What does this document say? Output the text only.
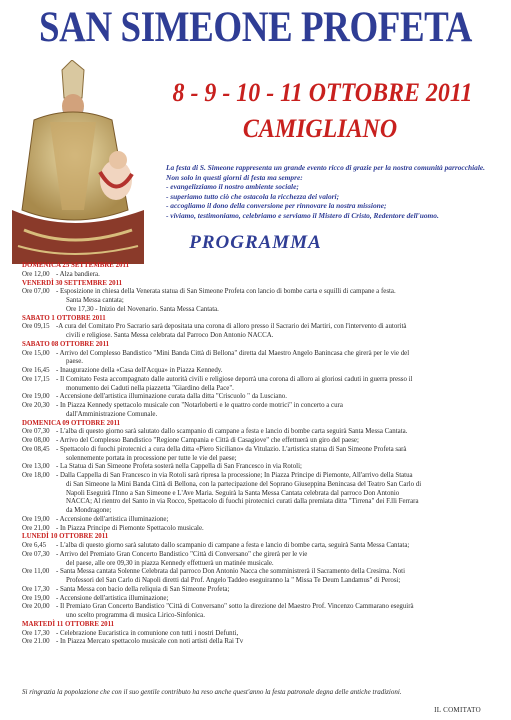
SAN SIMEONE PROFETA
8 - 9 - 10 - 11 OTTOBRE 2011
CAMIGLIANO
La festa di S. Simeone rappresenta un grande evento ricco di grazie per la nostra comunità parrocchiale.
Non solo in questi giorni di festa ma sempre:
- evangelizziamo il nostro ambiente sociale;
- superiamo tutto ciò che ostacola la ricchezza dei valori;
- accogliamo il dono della conversione per rinnovare la nostra missione;
- viviamo, testimoniamo, celebriamo e serviamo il Mistero di Cristo, Redentore dell'uomo.
PROGRAMMA
DOMENICA 25 SETTEMBRE 2011
Ore 12,00 - Alza bandiera.
VENERDÌ 30 SETTEMBRE 2011
Ore 07,00 - Esposizione in chiesa della Venerata statua di San Simeone Profeta con lancio di bombe carta e squilli di campane a festa.
Santa Messa cantata;
Ore 17,30 - Inizio del Novenario. Santa Messa Cantata.
SABATO 1 OTTOBRE 2011
Ore 09,15 -A cura del Comitato Pro Sacrario sarà depositata una corona di alloro presso il Sacrario dei Martiri, con l'intervento di autorità
civili e religiose. Santa Messa celebrata dal Parroco Don Antonio NACCA.
SABATO 08 OTTOBRE 2011
Ore 15,00 - Arrivo del Complesso Bandistico "Mini Banda Città di Bellona" diretta dal Maestro Angelo Banincasa che girerà per le vie del
paese.
Ore 16,45 - Inaugurazione della «Casa dell'Acqua» in Piazza Kennedy.
Ore 17,15 - Il Comitato Festa accompagnato dalle autorità civili e religiose deporrà una corona di alloro ai gloriosi caduti in guerra presso il
monumento dei Caduti nella piazzetta "Giardino della Pace".
Ore 19,00 - Accensione dell'artistica illuminazione curata dalla ditta "Criscuolo " da Lusciano.
Ore 20,30 - In Piazza Kennedy spettacolo musicale con "Notarloberti e le quattro corde motrici" in concerto a cura
dall'Amministrazione Comunale.
DOMENICA 09 OTTOBRE 2011
Ore 07,30 - L'alba di questo giorno sarà salutato dallo scampanio di campane a festa e lancio di bombe carta seguirà Santa Messa Cantata.
Ore 08,00 - Arrivo del Complesso Bandistico "Regione Campania e Città di Casagiove" che effettuerà un giro del paese;
Ore 08,45 - Spettacolo di fuochi pirotecnici a cura della ditta «Piero Siciliano» da Vitulazio. L'artistica statua di San Simeone Profeta sarà
solennemente portata in processione per tutte le vie del paese;
Ore 13,00 - La Statua di San Simeone Profeta sosterà nella Cappella di San Francesco in via Rotoli;
Ore 18,00 - Dalla Cappella di San Francesco in via Rotoli sarà ripresa la processione; In Piazza Principe di Piemonte, All'arrivo della Statua
di San Simeone la Mini Banda Città di Bellona, con la partecipazione del Soprano Giuseppina Benincasa del Teatro San Carlo di
Napoli Eseguirà l'Inno a San Simeone e L'Ave Maria. Seguirà la Santa Messa Cantata celebrata dal parroco Don Antonio
NACCA; Al rientro del Santo in via Rocco, Spettacolo di fuochi pirotecnici curati dalla premiata ditta "Tirrena" dei F.lli Ferrara
da Mondragone;
Ore 19,00 - Accensione dell'artistica illuminazione;
Ore 21,00 - In Piazza Principe di Piemonte Spettacolo musicale.
LUNEDÌ 10 OTTOBRE 2011
Ore 6,45	- L'alba di questo giorno sarà salutato dallo scampanio di campane a festa e lancio di bombe carta, seguirà Santa Messa Cantata;
Ore 07,30 - Arrivo del Premiato Gran Concerto Bandistico "Città di Conversano" che girerà per le vie
del paese, alle ore 09,30 in piazza Kennedy effettuerà un matinée musicale.
Ore 11,00 - Santa Messa cantata Solenne Celebrata dal parroco Don Antonio Nacca che somministrerà il Sacramento della Cresima. Noti
Professori del San Carlo di Napoli diretti dal Prof. Angelo Taddeo eseguiranno la " Missa Te Deum Landamus" di Perosi;
Ore 17,30 - Santa Messa con bacio della reliquia di San Simeone Profeta;
Ore 19,00 - Accensione dell'artistica illuminazione;
Ore 20,00 - Il Premiato Gran Concerto Bandistico "Città di Conversano" sotto la direzione del Maestro Prof. Vincenzo Cammarano eseguirà
uno scelto programma di musica Lirico-Sinfonica.
MARTEDÌ 11 OTTOBRE 2011
Ore 17,30 - Celebrazione Eucaristica in comunione con tutti i nostri Defunti,
Ore 21.00 - In Piazza Mercato spettacolo musicale con noti artisti della Rai Tv
Si ringrazia la popolazione che con il suo gentile contributo ha reso anche quest'anno la festa patronale degna delle antiche tradizioni.
IL COMITATO
